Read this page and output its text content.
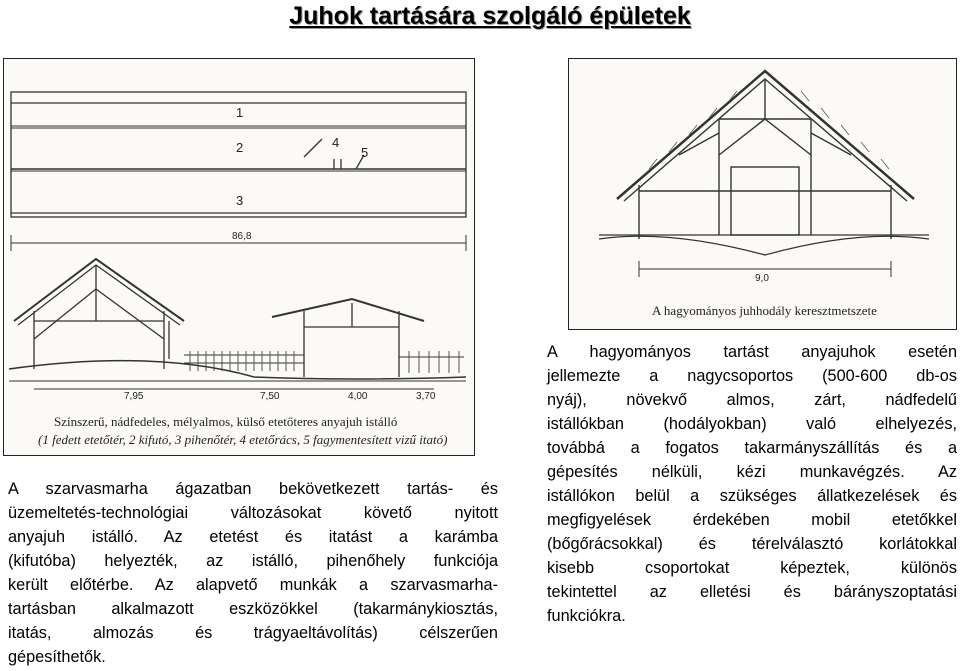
Juhok tartására szolgáló épületek
1
2
3
4
5
86,8
7,95	7,50	4,00	3,70
Színszerű, nádfedeles, mélyalmos, külső etetőteres anyajuh istálló
(1 fedett etetőtér, 2 kifutó, 3 pihenőtér, 4 etetőrács, 5 fagymentesített vizű itató)
9,0
A hagyományos juhhodály keresztmetszete
A szarvasmarha ágazatban bekövetkezett tartás- és
üzemeltetés-technológiai változásokat követő nyitott
anyajuh istálló. Az etetést és itatást a karámba
(kifutóba) helyezték, az istálló, pihenőhely funkciója
került előtérbe. Az alapvető munkák a szarvasmarha-
tartásban alkalmazott eszközökkel (takarmánykiosztás,
itatás, almozás és trágyaeltávolítás) célszerűen
gépesíthetők.
A hagyományos tartást anyajuhok esetén
jellemezte a nagycsoportos (500-600 db-os
nyáj), növekvő almos, zárt, nádfedelű
istállókban (hodályokban) való elhelyezés,
továbbá a fogatos takarmányszállítás és a
gépesítés nélküli, kézi munkavégzés. Az
istállókon belül a szükséges állatkezelések és
megfigyelések érdekében mobil etetőkkel
(bőgőrácsokkal) és térelválasztó korlátokkal
kisebb csoportokat képeztek, különös
tekintettel az elletési és bárányszoptatási
funkciókra.
